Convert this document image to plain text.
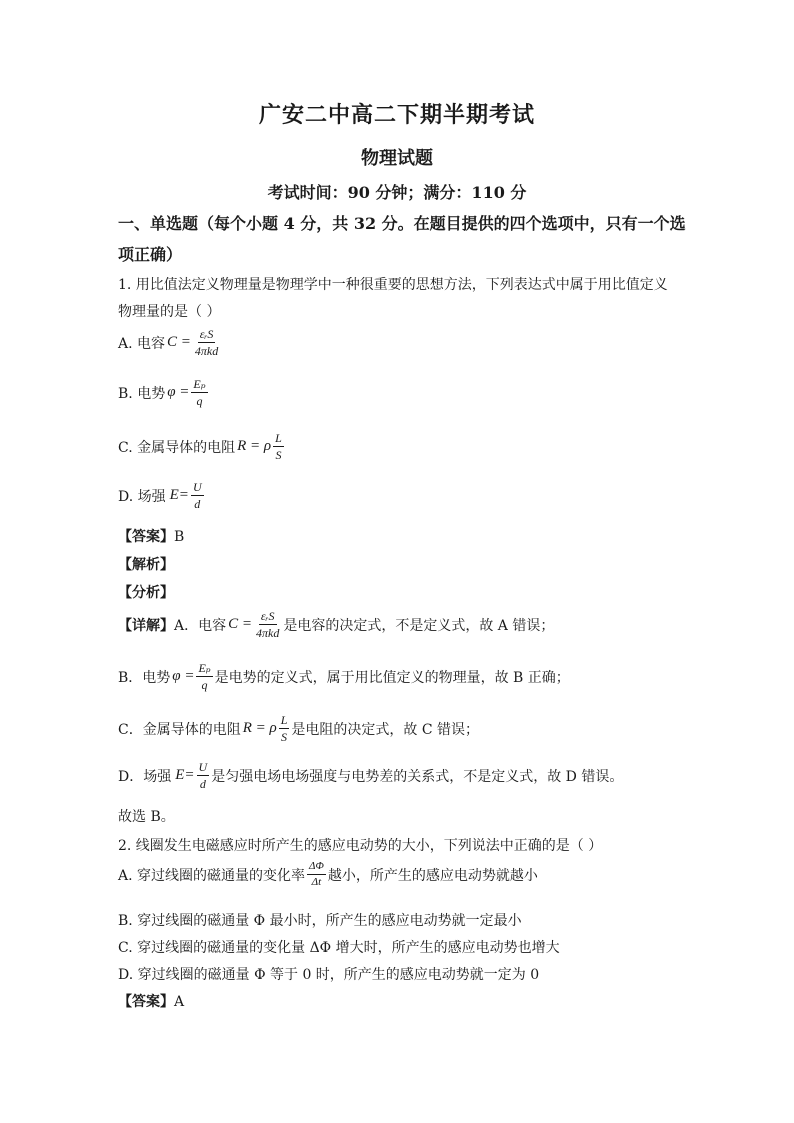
广安二中高二下期半期考试
物理试题
考试时间：90 分钟；满分：110 分
一、单选题（每个小题 4 分，共 32 分。在题目提供的四个选项中，只有一个选
项正确）
1. 用比值法定义物理量是物理学中一种很重要的思想方法，下列表达式中属于用比值定义
物理量的是（ ）
A. 电容 $C = \frac{\text{εᵣS}}{\text{4πkd}}$
B. 电势 $\varphi = \frac{\text{Eₚ}}{q}$
C. 金属导体的电阻 R = ρ $\frac{L}{S}$
D. 场强 $E= \frac{U}{d}$
【答案】B
【解析】
【分析】
【详解】 A．电容 $C = \frac{\text{εᵣS}}{\text{4πkd}}$ 是电容的决定式，不是定义式，故 A 错误；
B．电势 $\varphi = \frac{\text{Eₚ}}{q}$ 是电势的定义式，属于用比值定义的物理量，故 B 正确；
C．金属导体的电阻 R = ρ $\frac{L}{S}$ 是电阻的决定式，故 C 错误；
D．场强 $E= \frac{U}{d}$ 是匀强电场电场强度与电势差的关系式，不是定义式，故 D 错误。
故选 B。
2. 线圈发生电磁感应时所产生的感应电动势的大小，下列说法中正确的是（ ）
A. 穿过线圈的磁通量的变化率 $\frac{\Delta\Phi}{\Delta t}$ 越小，所产生的感应电动势就越小
B. 穿过线圈的磁通量 Φ 最小时，所产生的感应电动势就一定最小
C. 穿过线圈的磁通量的变化量 ΔΦ 增大时，所产生的感应电动势也增大
D. 穿过线圈的磁通量 Φ 等于 0 时，所产生的感应电动势就一定为 0
【答案】A
